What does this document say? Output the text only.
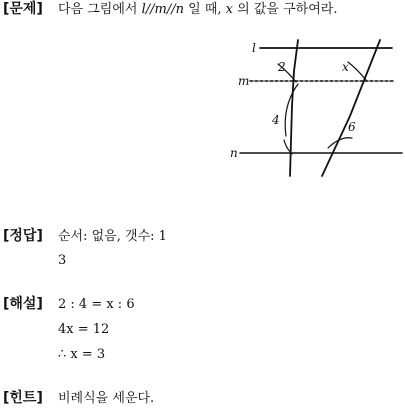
[문제] 다음 그림에서 l//m//n 일 때, x 의 값을 구하여라.
l
m
n
2	x
4	6
[정답] 순서: 없음, 갯수: 1
3
[해설] 2 : 4 = x : 6
4x = 12
∴ x = 3
[힌트] 비례식을 세운다.
